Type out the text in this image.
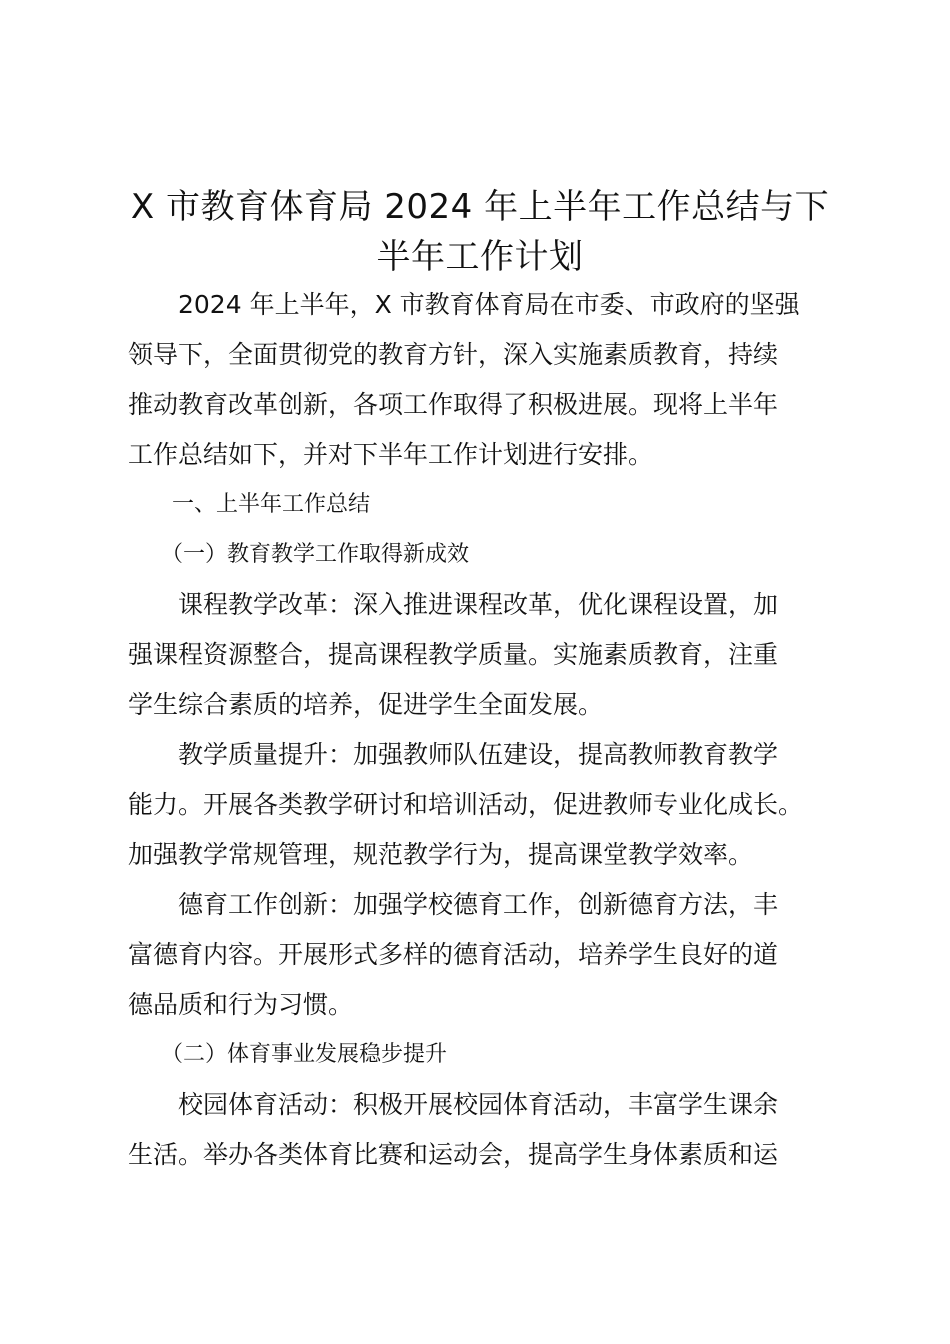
X 市教育体育局 2024 年上半年工作总结与下
半年工作计划

　　2024 年上半年，X 市教育体育局在市委、市政府的坚强

领导下，全面贯彻党的教育方针，深入实施素质教育，持续

推动教育改革创新，各项工作取得了积极进展。现将上半年

工作总结如下，并对下半年工作计划进行安排。

　　一、上半年工作总结

　　（一）教育教学工作取得新成效

　　课程教学改革：深入推进课程改革，优化课程设置，加

强课程资源整合，提高课程教学质量。实施素质教育，注重

学生综合素质的培养，促进学生全面发展。

　　教学质量提升：加强教师队伍建设，提高教师教育教学

能力。开展各类教学研讨和培训活动，促进教师专业化成长。

加强教学常规管理，规范教学行为，提高课堂教学效率。

　　德育工作创新：加强学校德育工作，创新德育方法，丰

富德育内容。开展形式多样的德育活动，培养学生良好的道

德品质和行为习惯。

　　（二）体育事业发展稳步提升

　　校园体育活动：积极开展校园体育活动，丰富学生课余

生活。举办各类体育比赛和运动会，提高学生身体素质和运
